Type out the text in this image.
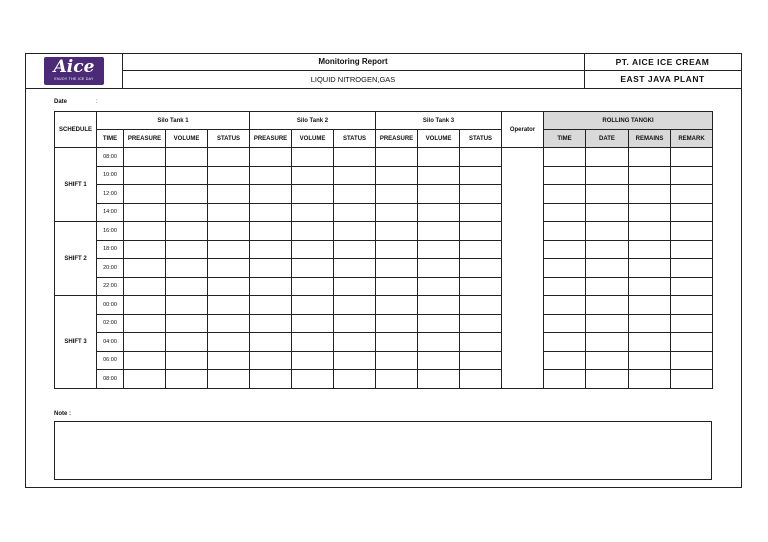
Aice
ENJOY THE ICE DAY
Monitoring Report
LIQUID NITROGEN,GAS
PT. AICE ICE CREAM
EAST JAVA PLANT
Date	:
SCHEDULE	Silo Tank 1				Silo Tank 2			Silo Tank 3			Operator	ROLLING TANGKI			
	TIME	PREASURE	VOLUME	STATUS	PREASURE	VOLUME	STATUS	PREASURE	VOLUME	STATUS		TIME	DATE	REMAINS	REMARK
SHIFT 1	08:00														
	10:00														
	12:00														
	14:00														
SHIFT 2	16:00														
	18:00														
	20:00														
	22:00														
SHIFT 3	00:00														
	02:00														
	04:00														
	06:00														
	08:00														
Note :
